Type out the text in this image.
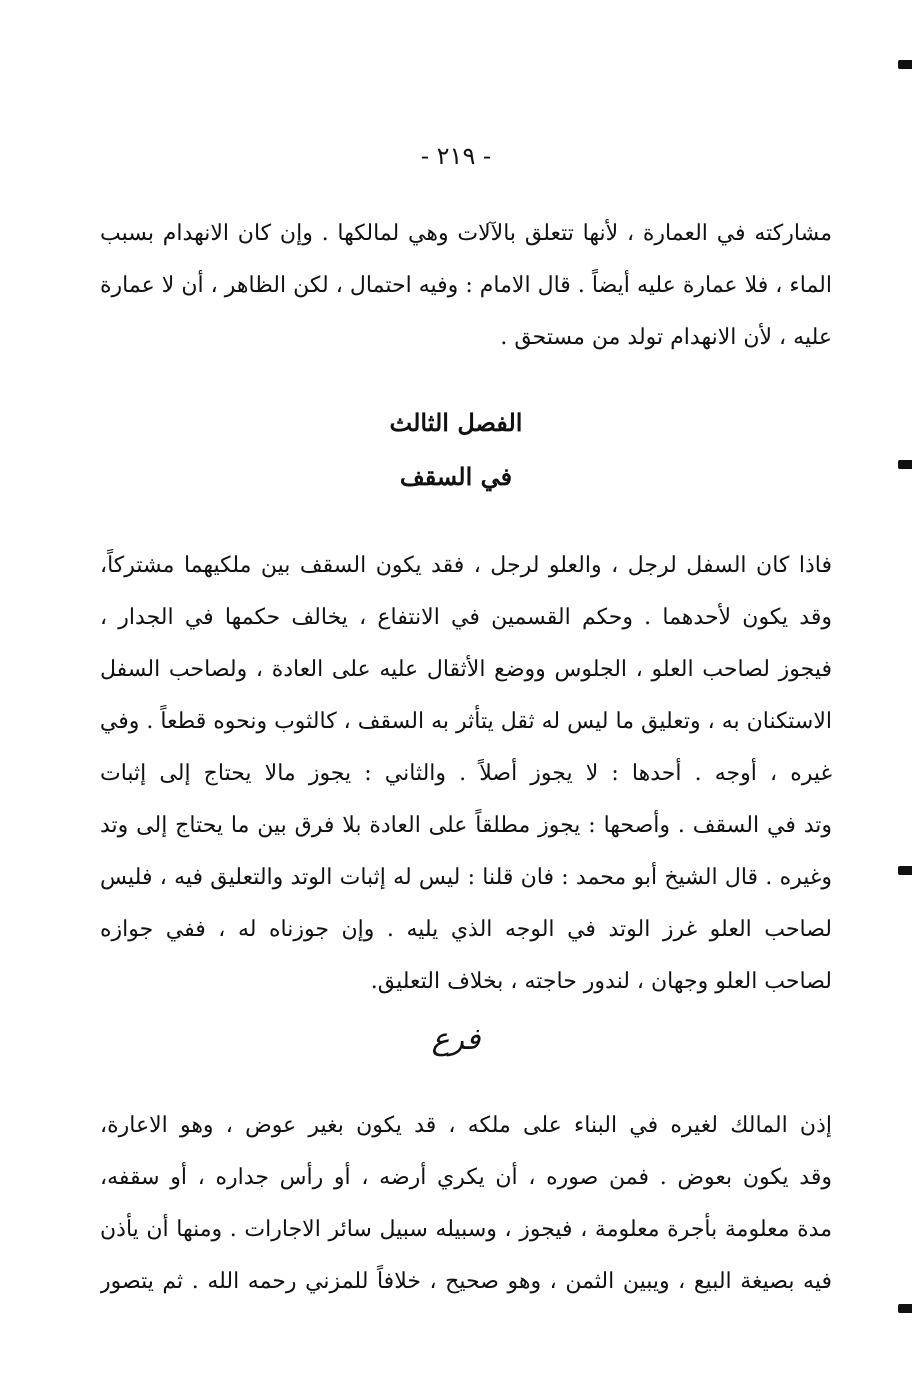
- ٢١٩ -
مشاركته في العمارة ، لأنها تتعلق بالآلات وهي لمالكها . وإن كان الانهدام بسبب
الماء ، فلا عمارة عليه أيضاً . قال الامام : وفيه احتمال ، لكن الظاهر ، أن لا عمارة
عليه ، لأن الانهدام تولد من مستحق .
الفصل الثالث
في السقف
فاذا كان السفل لرجل ، والعلو لرجل ، فقد يكون السقف بين ملكيهما مشتركاً،
وقد يكون لأحدهما . وحكم القسمين في الانتفاع ، يخالف حكمها في الجدار ،
فيجوز لصاحب العلو ، الجلوس ووضع الأثقال عليه على العادة ، ولصاحب السفل
الاستكنان به ، وتعليق ما ليس له ثقل يتأثر به السقف ، كالثوب ونحوه قطعاً . وفي
غيره ، أوجه . أحدها : لا يجوز أصلاً . والثاني : يجوز مالا يحتاج إلى إثبات
وتد في السقف . وأصحها : يجوز مطلقاً على العادة بلا فرق بين ما يحتاج إلى وتد
وغيره . قال الشيخ أبو محمد : فان قلنا : ليس له إثبات الوتد والتعليق فيه ، فليس
لصاحب العلو غرز الوتد في الوجه الذي يليه . وإن جوزناه له ، ففي جوازه
لصاحب العلو وجهان ، لندور حاجته ، بخلاف التعليق.
فرع
إذن المالك لغيره في البناء على ملكه ، قد يكون بغير عوض ، وهو الاعارة،
وقد يكون بعوض . فمن صوره ، أن يكري أرضه ، أو رأس جداره ، أو سقفه،
مدة معلومة بأجرة معلومة ، فيجوز ، وسبيله سبيل سائر الاجارات . ومنها أن يأذن
فيه بصيغة البيع ، ويبين الثمن ، وهو صحيح ، خلافاً للمزني رحمه الله . ثم يتصور
